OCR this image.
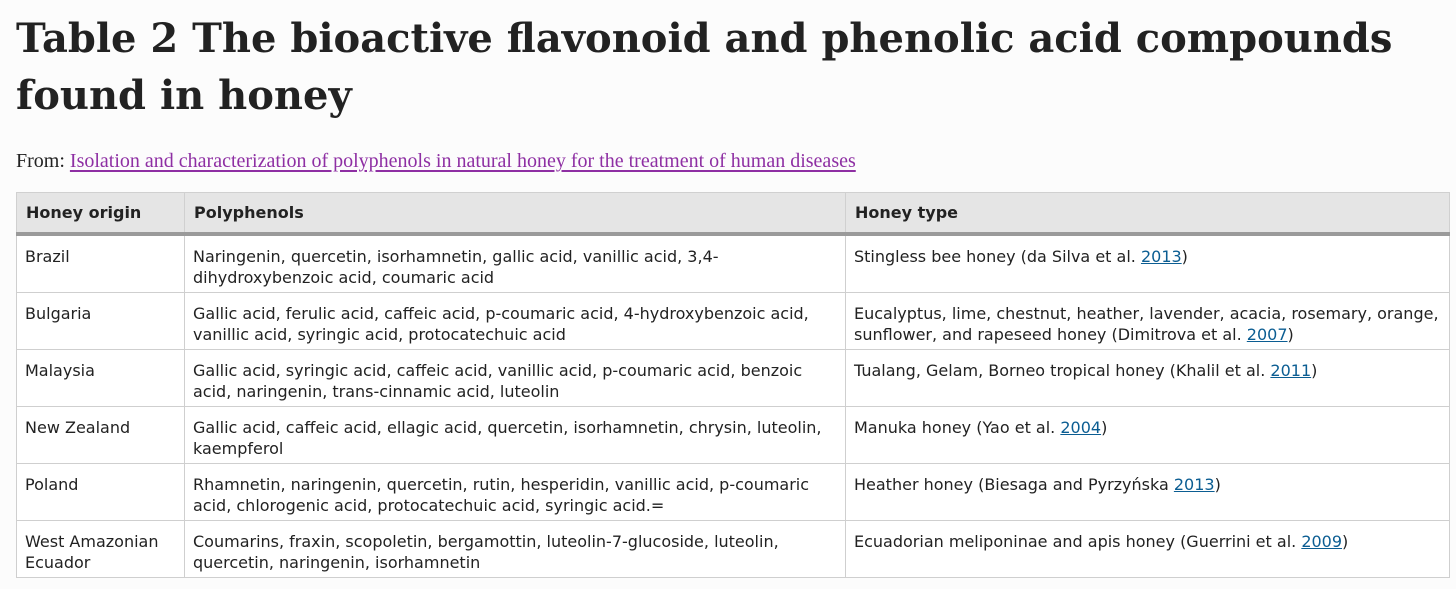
Table 2 The bioactive flavonoid and phenolic acid compounds found in honey

From: Isolation and characterization of polyphenols in natural honey for the treatment of human diseases

Honey origin	Polyphenols	Honey type
Brazil	Naringenin, quercetin, isorhamnetin, gallic acid, vanillic acid, 3,4-dihydroxybenzoic acid, coumaric acid	Stingless bee honey (da Silva et al. 2013)
Bulgaria	Gallic acid, ferulic acid, caffeic acid, p-coumaric acid, 4-hydroxybenzoic acid, vanillic acid, syringic acid, protocatechuic acid	Eucalyptus, lime, chestnut, heather, lavender, acacia, rosemary, orange, sunflower, and rapeseed honey (Dimitrova et al. 2007)
Malaysia	Gallic acid, syringic acid, caffeic acid, vanillic acid, p-coumaric acid, benzoic acid, naringenin, trans-cinnamic acid, luteolin	Tualang, Gelam, Borneo tropical honey (Khalil et al. 2011)
New Zealand	Gallic acid, caffeic acid, ellagic acid, quercetin, isorhamnetin, chrysin, luteolin, kaempferol	Manuka honey (Yao et al. 2004)
Poland	Rhamnetin, naringenin, quercetin, rutin, hesperidin, vanillic acid, p-coumaric acid, chlorogenic acid, protocatechuic acid, syringic acid.=	Heather honey (Biesaga and Pyrzyńska 2013)
West Amazonian Ecuador	Coumarins, fraxin, scopoletin, bergamottin, luteolin-7-glucoside, luteolin, quercetin, naringenin, isorhamnetin	Ecuadorian meliponinae and apis honey (Guerrini et al. 2009)
